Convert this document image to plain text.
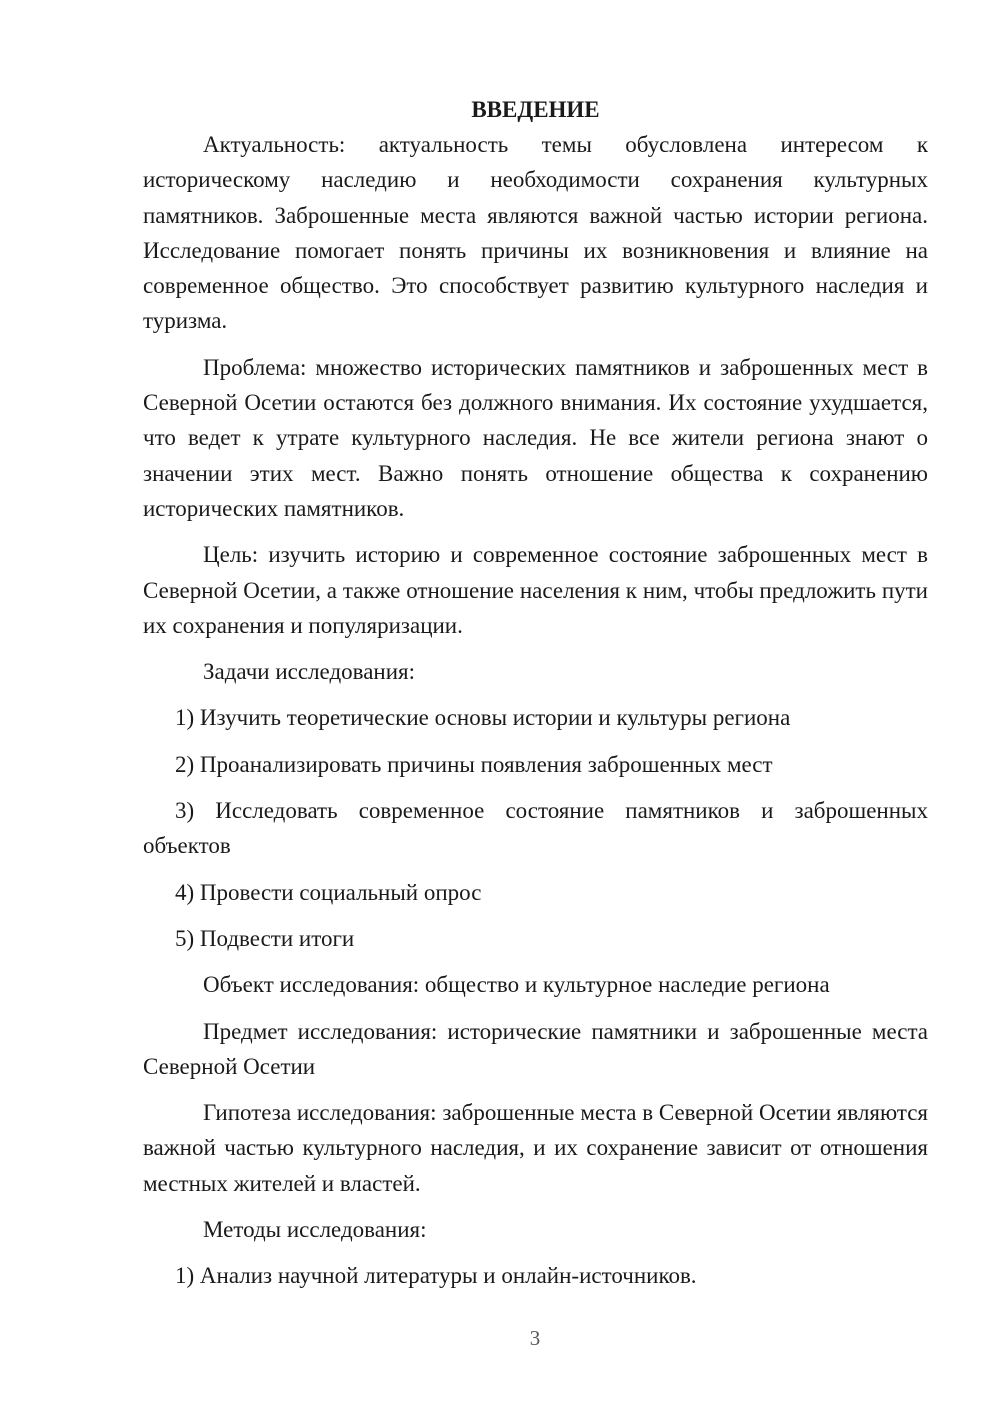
ВВЕДЕНИЕ

Актуальность: актуальность темы обусловлена интересом к историческому наследию и необходимости сохранения культурных памятников. Заброшенные места являются важной частью истории региона. Исследование помогает понять причины их возникновения и влияние на современное общество. Это способствует развитию культурного наследия и туризма.

Проблема: множество исторических памятников и заброшенных мест в Северной Осетии остаются без должного внимания. Их состояние ухудшается, что ведет к утрате культурного наследия. Не все жители региона знают о значении этих мест. Важно понять отношение общества к сохранению исторических памятников.

Цель: изучить историю и современное состояние заброшенных мест в Северной Осетии, а также отношение населения к ним, чтобы предложить пути их сохранения и популяризации.

Задачи исследования:

1) Изучить теоретические основы истории и культуры региона

2) Проанализировать причины появления заброшенных мест

3) Исследовать современное состояние памятников и заброшенных объектов

4) Провести социальный опрос

5) Подвести итоги

Объект исследования: общество и культурное наследие региона

Предмет исследования: исторические памятники и заброшенные места Северной Осетии

Гипотеза исследования: заброшенные места в Северной Осетии являются важной частью культурного наследия, и их сохранение зависит от отношения местных жителей и властей.

Методы исследования:

1) Анализ научной литературы и онлайн-источников.

3
